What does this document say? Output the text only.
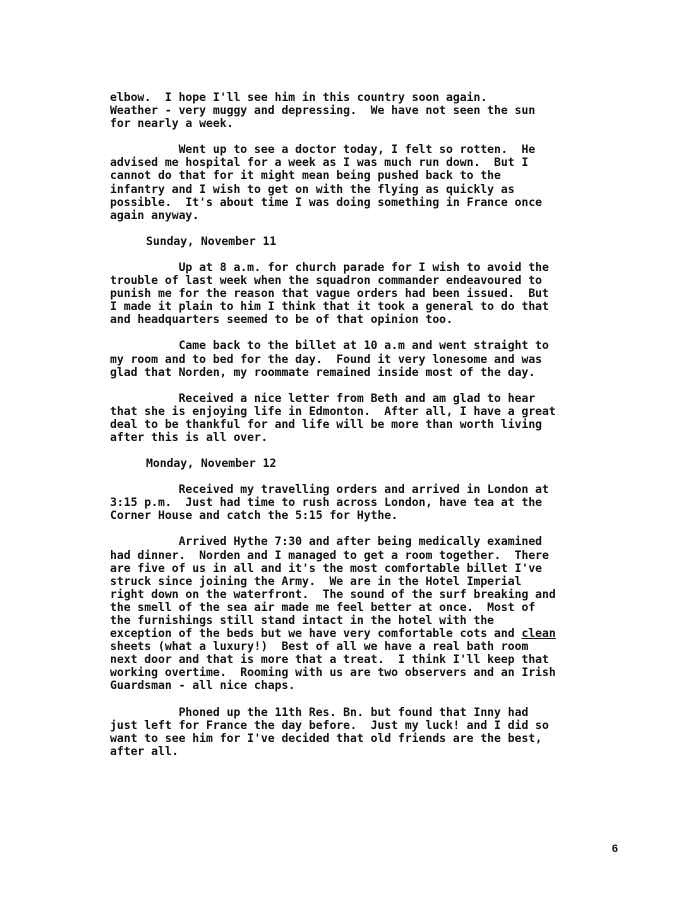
elbow.  I hope I'll see him in this country soon again.
Weather - very muggy and depressing.  We have not seen the sun
for nearly a week.
Went up to see a doctor today, I felt so rotten.  He
advised me hospital for a week as I was much run down.  But I
cannot do that for it might mean being pushed back to the
infantry and I wish to get on with the flying as quickly as
possible.  It's about time I was doing something in France once
again anyway.
Sunday, November 11
Up at 8 a.m. for church parade for I wish to avoid the
trouble of last week when the squadron commander endeavoured to
punish me for the reason that vague orders had been issued.  But
I made it plain to him I think that it took a general to do that
and headquarters seemed to be of that opinion too.
Came back to the billet at 10 a.m and went straight to
my room and to bed for the day.  Found it very lonesome and was
glad that Norden, my roommate remained inside most of the day.
Received a nice letter from Beth and am glad to hear
that she is enjoying life in Edmonton.  After all, I have a great
deal to be thankful for and life will be more than worth living
after this is all over.
Monday, November 12
Received my travelling orders and arrived in London at
3:15 p.m.  Just had time to rush across London, have tea at the
Corner House and catch the 5:15 for Hythe.
Arrived Hythe 7:30 and after being medically examined
had dinner.  Norden and I managed to get a room together.  There
are five of us in all and it's the most comfortable billet I've
struck since joining the Army.  We are in the Hotel Imperial
right down on the waterfront.  The sound of the surf breaking and
the smell of the sea air made me feel better at once.  Most of
the furnishings still stand intact in the hotel with the
exception of the beds but we have very comfortable cots and clean
sheets (what a luxury!)  Best of all we have a real bath room
next door and that is more that a treat.  I think I'll keep that
working overtime.  Rooming with us are two observers and an Irish
Guardsman - all nice chaps.
Phoned up the 11th Res. Bn. but found that Inny had
just left for France the day before.  Just my luck! and I did so
want to see him for I've decided that old friends are the best,
after all.
6
